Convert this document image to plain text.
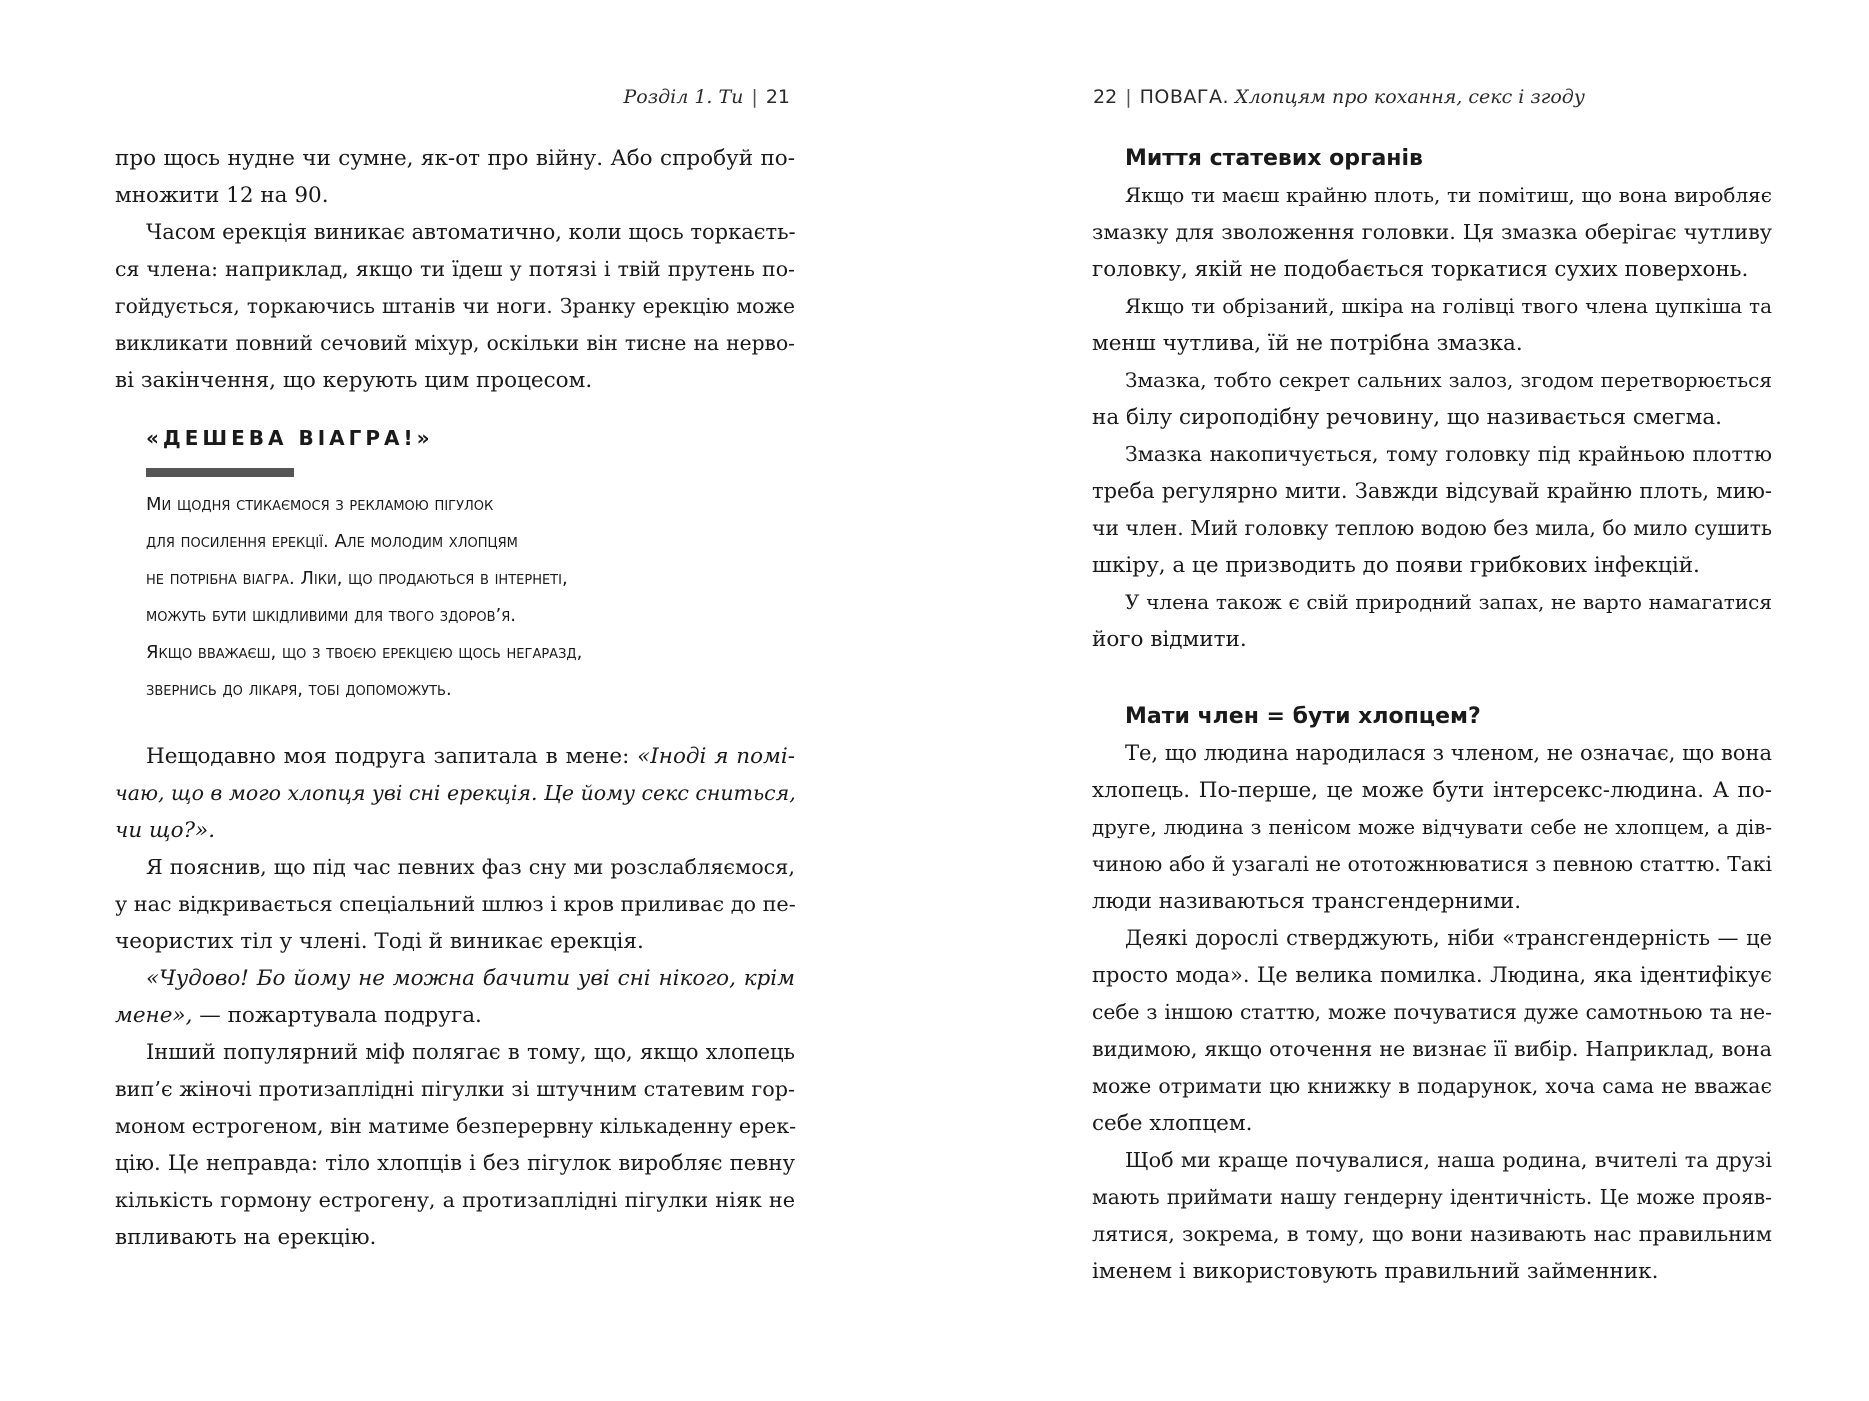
Розділ 1. Ти | 21
про щось нудне чи сумне, як-от про війну. Або спробуй по-
множити 12 на 90.
Часом ерекція виникає автоматично, коли щось торкаєть-
ся члена: наприклад, якщо ти їдеш у потязі і твій прутень по-
гойдується, торкаючись штанів чи ноги. Зранку ерекцію може
викликати повний сечовий міхур, оскільки він тисне на нерво-
ві закінчення, що керують цим процесом.
«ДЕШЕВА ВІАГРА!»
Ми щодня стикаємося з рекламою пігулок
для посилення ерекції. Але молодим хлопцям
не потрібна віагра. Ліки, що продаються в інтернеті,
можуть бути шкідливими для твого здоров’я.
Якщо вважаєш, що з твоєю ерекцією щось негаразд,
звернись до лікаря, тобі допоможуть.
Нещодавно моя подруга запитала в мене: «Іноді я помі-
чаю, що в мого хлопця уві сні ерекція. Це йому секс сниться,
чи що?».
Я пояснив, що під час певних фаз сну ми розслабляємося,
у нас відкривається спеціальний шлюз і кров приливає до пе-
чеористих тіл у члені. Тоді й виникає ерекція.
«Чудово! Бо йому не можна бачити уві сні нікого, крім
мене», — пожартувала подруга.
Інший популярний міф полягає в тому, що, якщо хлопець
вип’є жіночі протизаплідні пігулки зі штучним статевим гор-
моном естрогеном, він матиме безперервну кількаденну ерек-
цію. Це неправда: тіло хлопців і без пігулок виробляє певну
кількість гормону естрогену, а протизаплідні пігулки ніяк не
впливають на ерекцію.
22 | ПОВАГА. Хлопцям про кохання, секс і згоду
Миття статевих органів
Якщо ти маєш крайню плоть, ти помітиш, що вона виробляє
змазку для зволоження головки. Ця змазка оберігає чутливу
головку, якій не подобається торкатися сухих поверхонь.
Якщо ти обрізаний, шкіра на голівці твого члена цупкіша та
менш чутлива, їй не потрібна змазка.
Змазка, тобто секрет сальних залоз, згодом перетворюється
на білу сироподібну речовину, що називається смегма.
Змазка накопичується, тому головку під крайньою плоттю
треба регулярно мити. Завжди відсувай крайню плоть, мию-
чи член. Мий головку теплою водою без мила, бо мило сушить
шкіру, а це призводить до появи грибкових інфекцій.
У члена також є свій природний запах, не варто намагатися
його відмити.
Мати член = бути хлопцем?
Те, що людина народилася з членом, не означає, що вона
хлопець. По-перше, це може бути інтерсекс-людина. А по-
друге, людина з пенісом може відчувати себе не хлопцем, а дів-
чиною або й узагалі не ототожнюватися з певною статтю. Такі
люди називаються трансгендерними.
Деякі дорослі стверджують, ніби «трансгендерність — це
просто мода». Це велика помилка. Людина, яка ідентифікує
себе з іншою статтю, може почуватися дуже самотньою та не-
видимою, якщо оточення не визнає її вибір. Наприклад, вона
може отримати цю книжку в подарунок, хоча сама не вважає
себе хлопцем.
Щоб ми краще почувалися, наша родина, вчителі та друзі
мають приймати нашу гендерну ідентичність. Це може прояв-
лятися, зокрема, в тому, що вони називають нас правильним
іменем і використовують правильний займенник.
